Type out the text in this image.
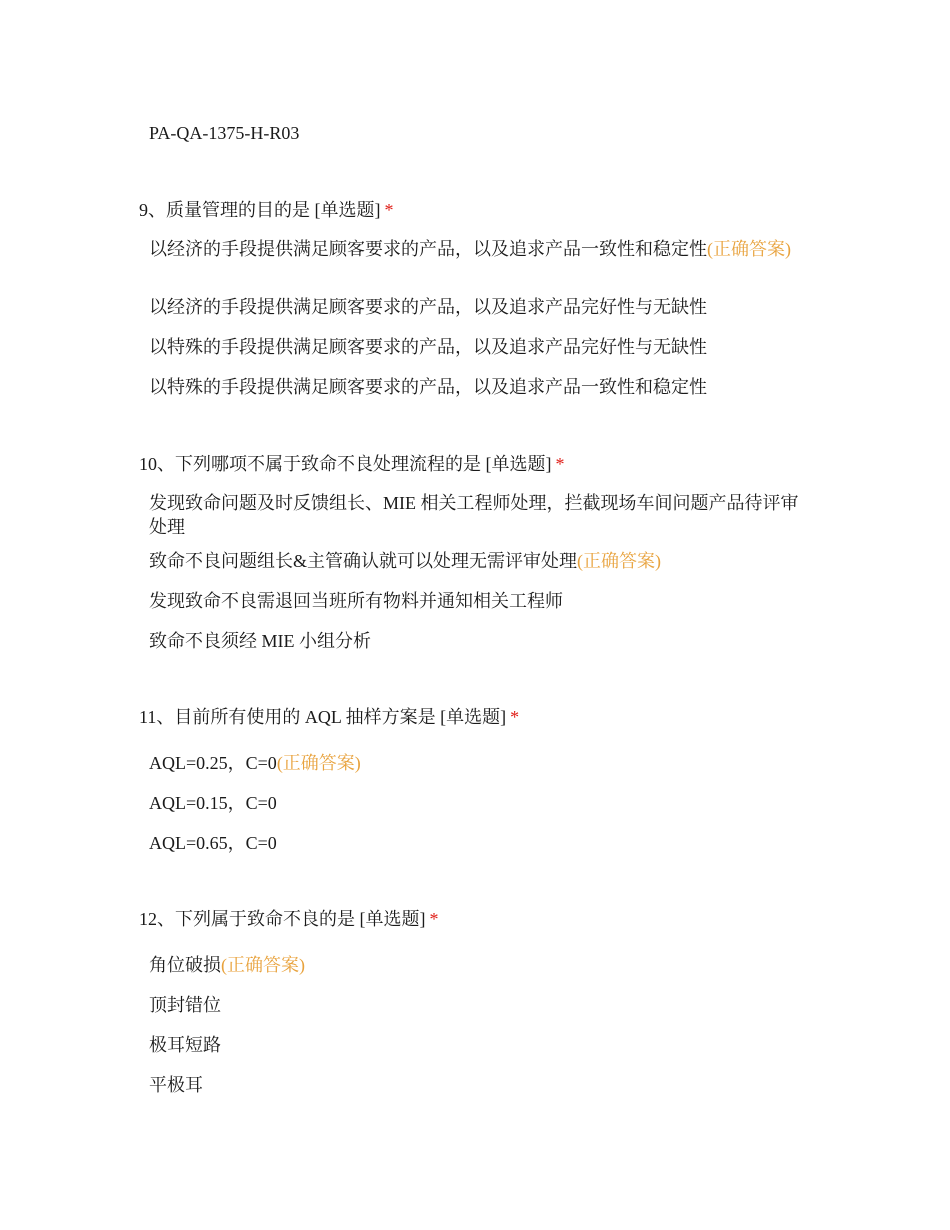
PA-QA-1375-H-R03
9、质量管理的目的是 [单选题] *
以经济的手段提供满足顾客要求的产品，以及追求产品一致性和稳定性(正确答案)
以经济的手段提供满足顾客要求的产品，以及追求产品完好性与无缺性
以特殊的手段提供满足顾客要求的产品，以及追求产品完好性与无缺性
以特殊的手段提供满足顾客要求的产品，以及追求产品一致性和稳定性
10、下列哪项不属于致命不良处理流程的是 [单选题] *
发现致命问题及时反馈组长、MIE 相关工程师处理，拦截现场车间问题产品待评审处理
致命不良问题组长&主管确认就可以处理无需评审处理(正确答案)
发现致命不良需退回当班所有物料并通知相关工程师
致命不良须经 MIE 小组分析
11、目前所有使用的 AQL 抽样方案是 [单选题] *
AQL=0.25，C=0(正确答案)
AQL=0.15，C=0
AQL=0.65，C=0
12、下列属于致命不良的是 [单选题] *
角位破损(正确答案)
顶封错位
极耳短路
平极耳
